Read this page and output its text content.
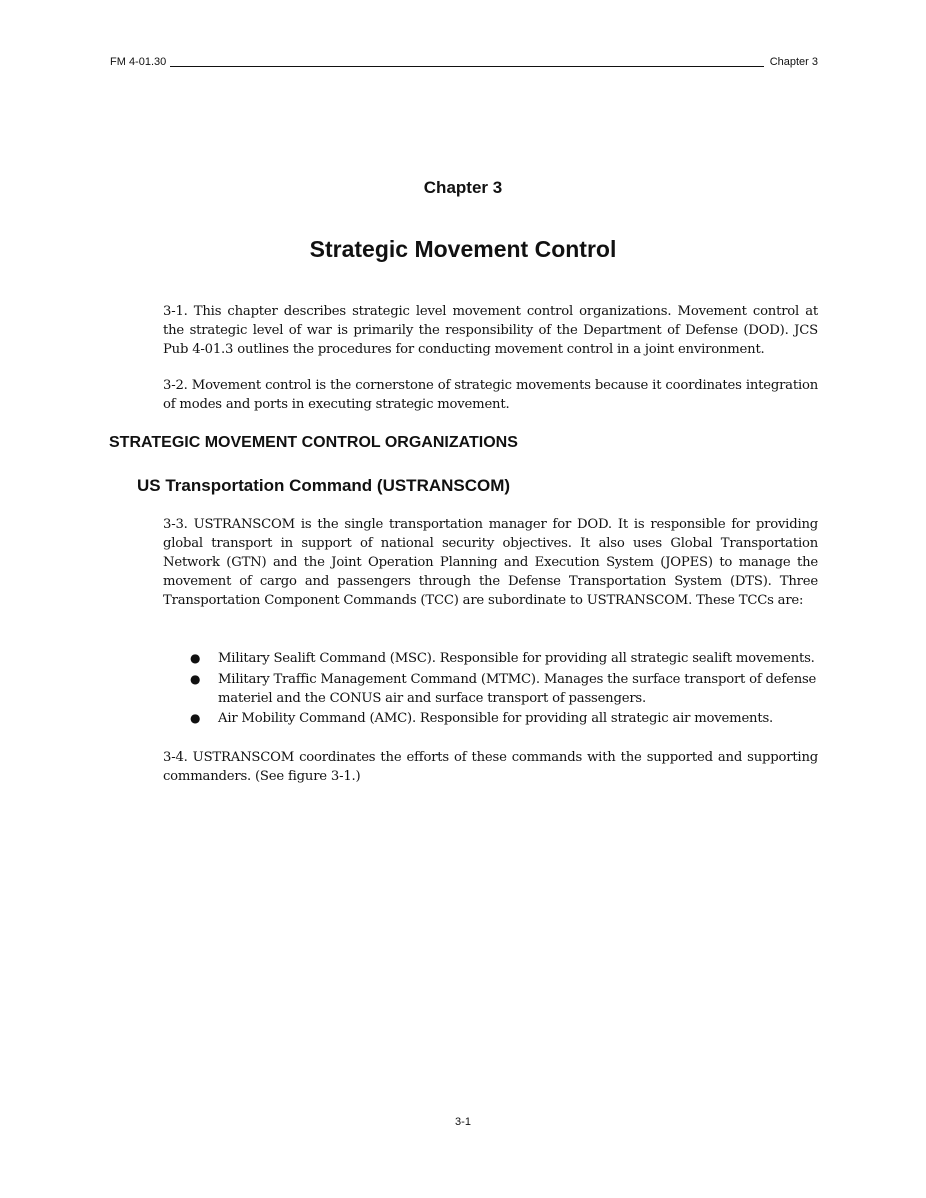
FM 4-01.30	Chapter 3
Chapter 3
Strategic Movement Control

3-1. This chapter describes strategic level movement control organizations. Movement control at the strategic level of war is primarily the responsibility of the Department of Defense (DOD). JCS Pub 4-01.3 outlines the procedures for conducting movement control in a joint environment.

3-2. Movement control is the cornerstone of strategic movements because it coordinates integration of modes and ports in executing strategic movement.

STRATEGIC MOVEMENT CONTROL ORGANIZATIONS
US Transportation Command (USTRANSCOM)

3-3. USTRANSCOM is the single transportation manager for DOD. It is responsible for providing global transport in support of national security objectives. It also uses Global Transportation Network (GTN) and the Joint Operation Planning and Execution System (JOPES) to manage the movement of cargo and passengers through the Defense Transportation System (DTS). Three Transportation Component Commands (TCC) are subordinate to USTRANSCOM. These TCCs are:

● Military Sealift Command (MSC). Responsible for providing all strategic sealift movements.
● Military Traffic Management Command (MTMC). Manages the surface transport of defense materiel and the CONUS air and surface transport of passengers.
● Air Mobility Command (AMC). Responsible for providing all strategic air movements.

3-4. USTRANSCOM coordinates the efforts of these commands with the supported and supporting commanders. (See figure 3-1.)

3-1
